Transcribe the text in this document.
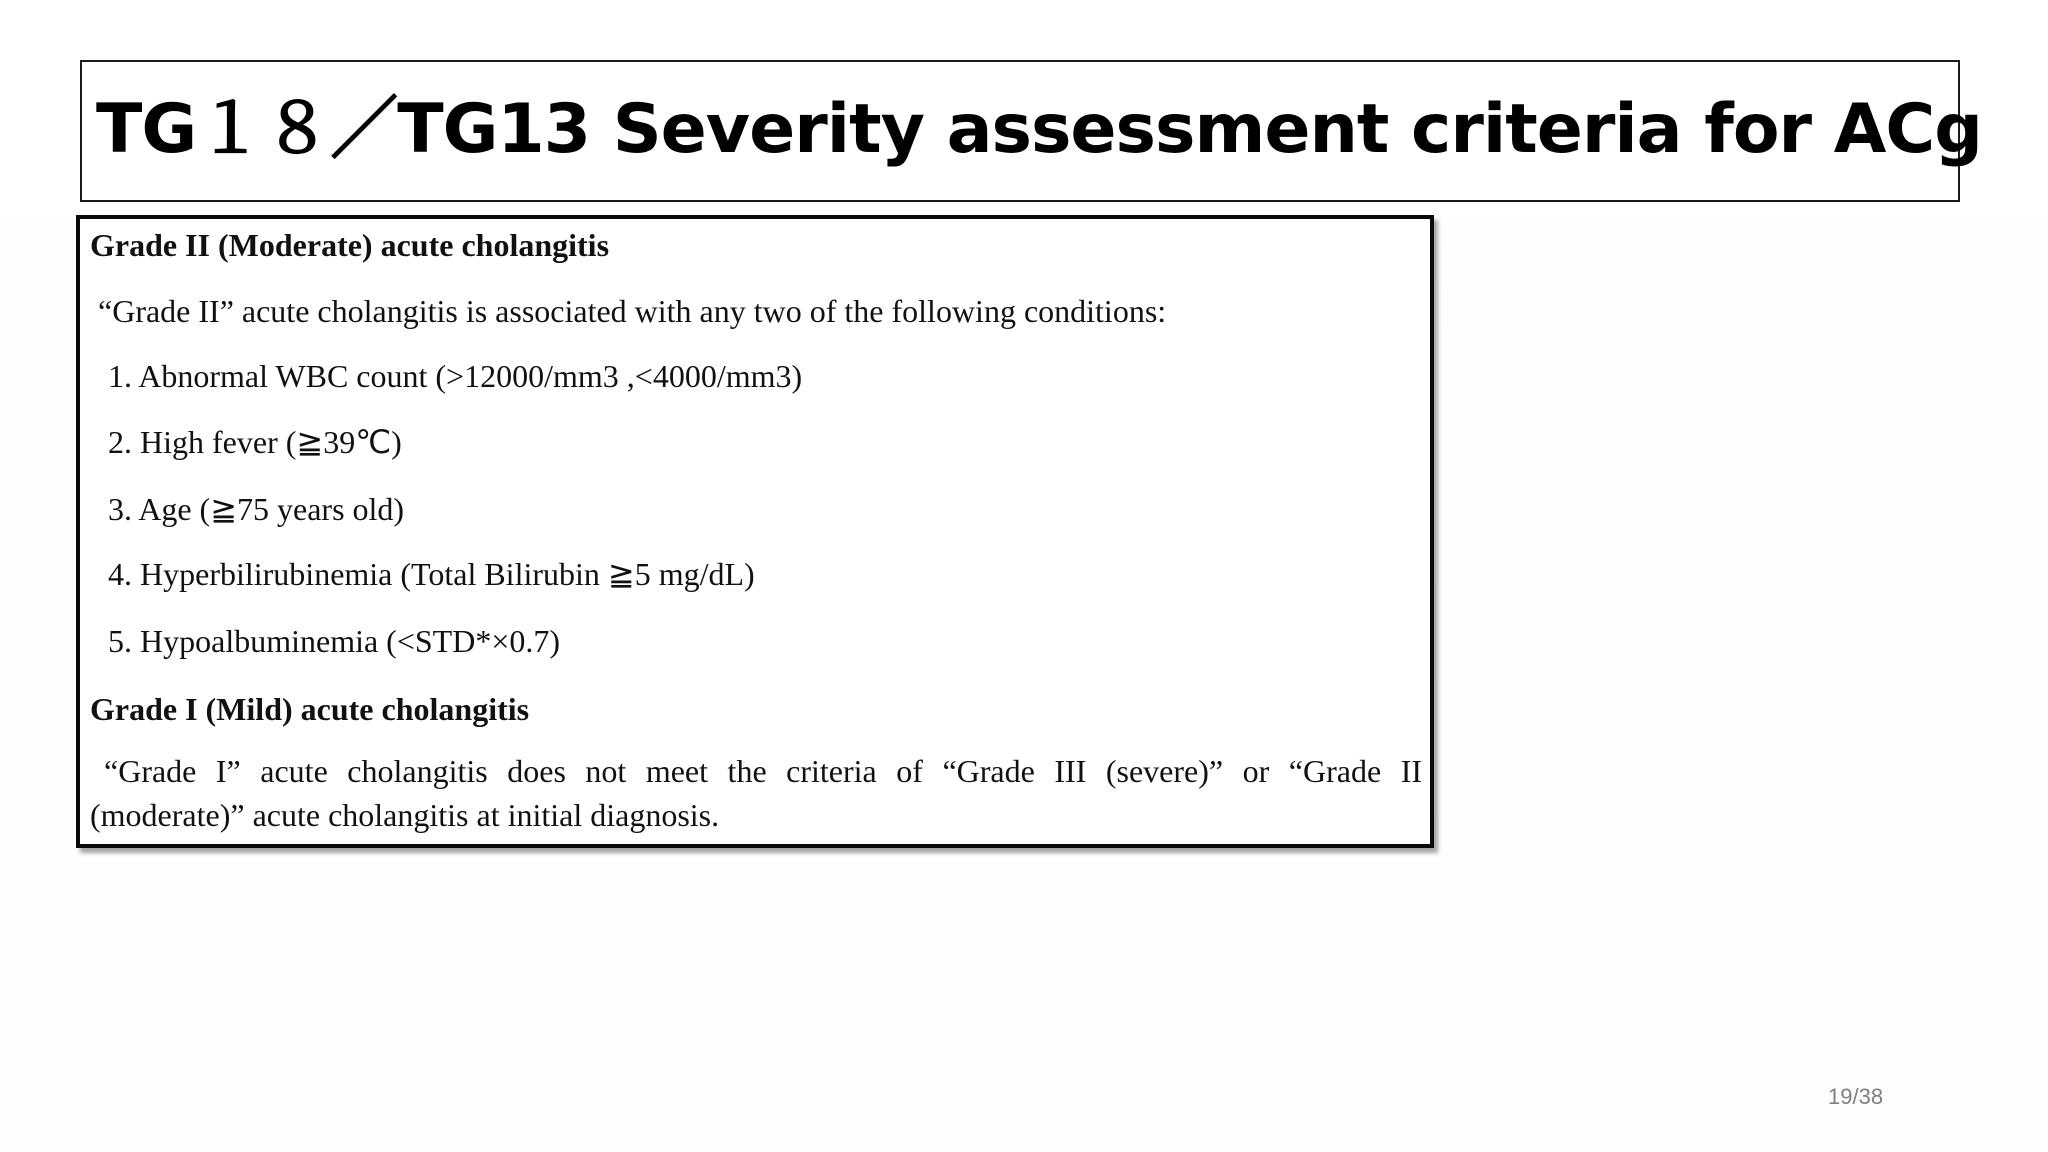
TG１８／TG13 Severity assessment criteria for ACg
Grade II (Moderate) acute cholangitis
“Grade II” acute cholangitis is associated with any two of the following conditions:
1. Abnormal WBC count (>12000/mm3 ,<4000/mm3)
2. High fever (≧39℃)
3. Age (≧75 years old)
4. Hyperbilirubinemia (Total Bilirubin ≧5 mg/dL)
5. Hypoalbuminemia (<STD*×0.7)
Grade I (Mild) acute cholangitis
“Grade I” acute cholangitis does not meet the criteria of “Grade III (severe)” or “Grade II
(moderate)” acute cholangitis at initial diagnosis.
19/38
